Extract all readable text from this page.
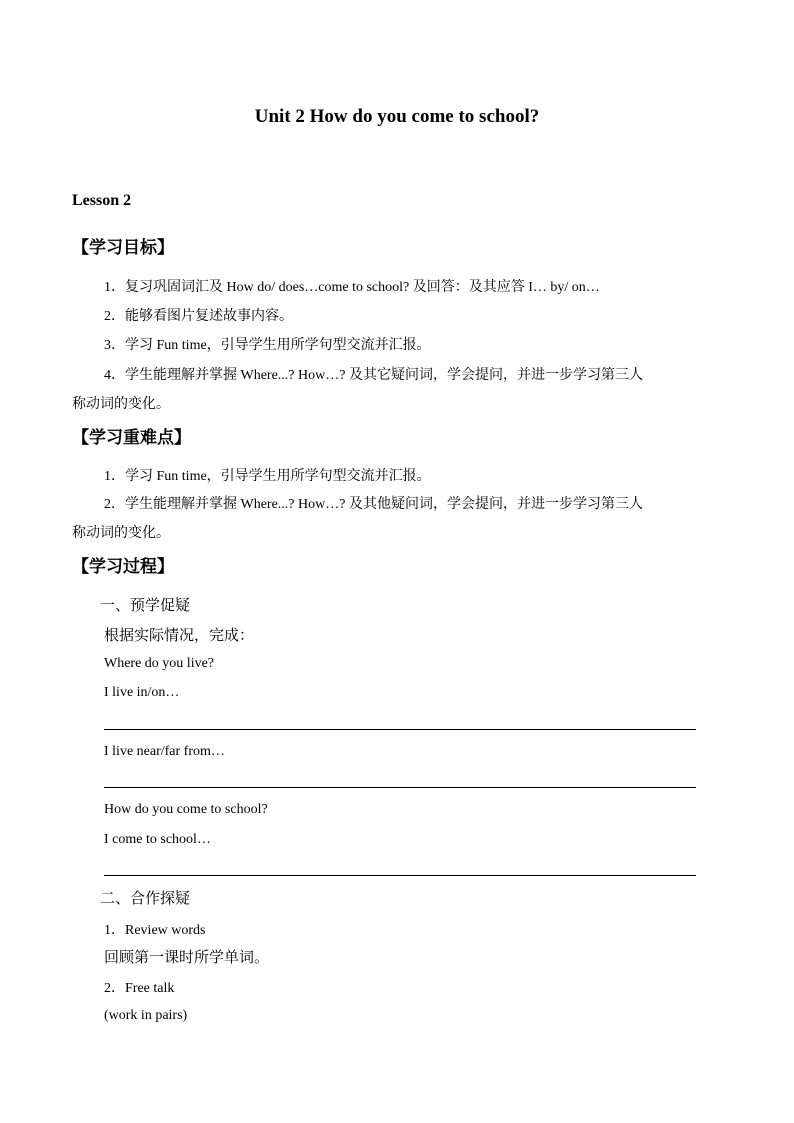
Unit 2 How do you come to school?
Lesson 2
【学习目标】
1．复习巩固词汇及 How do/ does…come to school? 及回答：及其应答 I… by/ on…
2．能够看图片复述故事内容。
3．学习 Fun time，引导学生用所学句型交流并汇报。
4．学生能理解并掌握 Where...? How…? 及其它疑问词，学会提问，并进一步学习第三人
称动词的变化。
【学习重难点】
1．学习 Fun time，引导学生用所学句型交流并汇报。
2．学生能理解并掌握 Where...? How…? 及其他疑问词，学会提问，并进一步学习第三人
称动词的变化。
【学习过程】
一、预学促疑
根据实际情况，完成：
Where do you live?
I live in/on…
I live near/far from…
How do you come to school?
I come to school…
二、合作探疑
1．Review words
回顾第一课时所学单词。
2．Free talk
(work in pairs)
